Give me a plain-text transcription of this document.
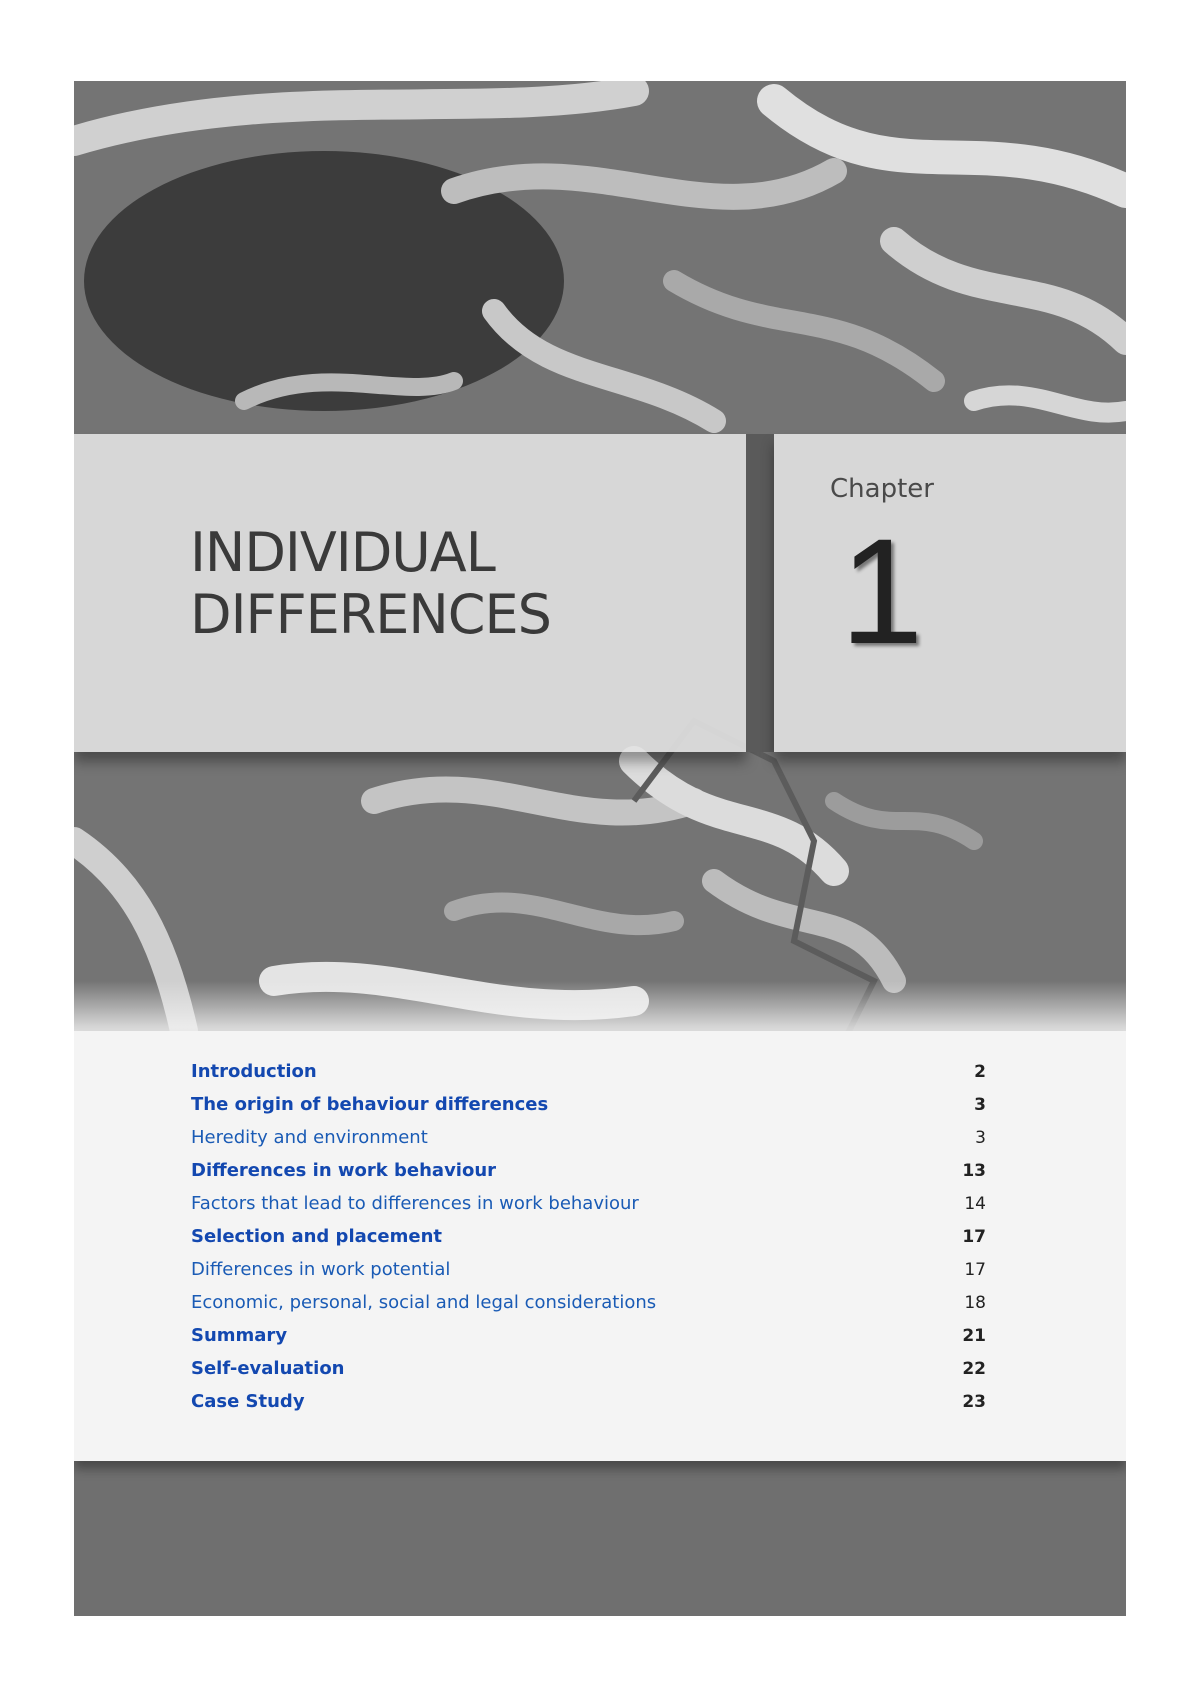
INDIVIDUAL
DIFFERENCES
Chapter
1
Introduction	2
The origin of behaviour differences	3
Heredity and environment	3
Differences in work behaviour	13
Factors that lead to differences in work behaviour	14
Selection and placement	17
Differences in work potential	17
Economic, personal, social and legal considerations	18
Summary	21
Self-evaluation	22
Case Study	23
